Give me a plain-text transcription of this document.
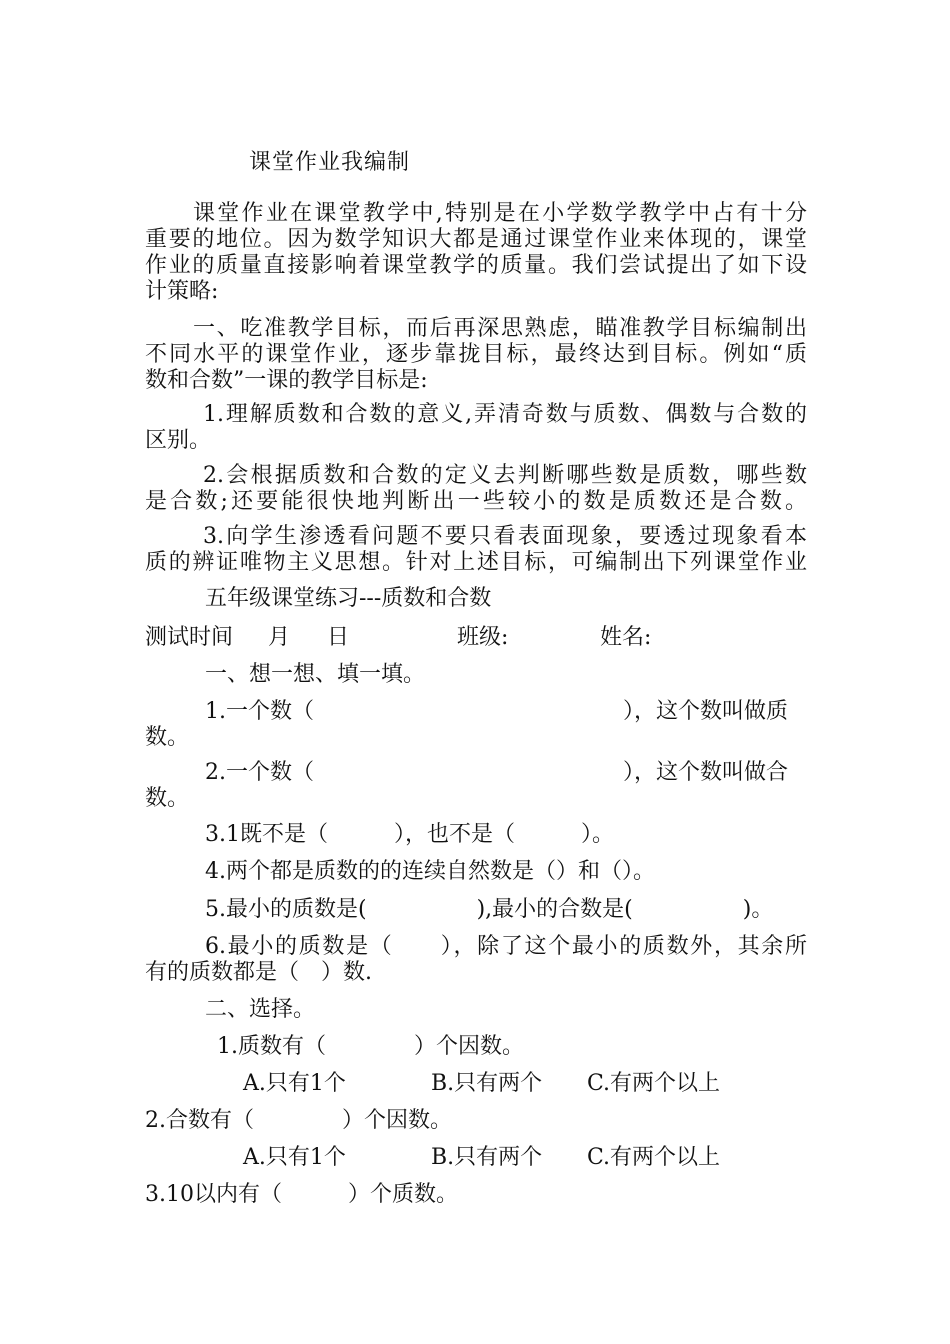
课堂作业我编制
课堂作业在课堂教学中,特别是在小学数学教学中占有十分
重要的地位。因为数学知识大都是通过课堂作业来体现的，课堂
作业的质量直接影响着课堂教学的质量。我们尝试提出了如下设
计策略:
一、吃准教学目标，而后再深思熟虑，瞄准教学目标编制出
不同水平的课堂作业，逐步靠拢目标，最终达到目标。例如“质
数和合数”一课的教学目标是:
1.理解质数和合数的意义,弄清奇数与质数、偶数与合数的
区别。
2.会根据质数和合数的定义去判断哪些数是质数，哪些数
是合数;还要能很快地判断出一些较小的数是质数还是合数。
3.向学生渗透看问题不要只看表面现象，要透过现象看本
质的辨证唯物主义思想。针对上述目标，可编制出下列课堂作业
五年级课堂练习---质数和合数
测试时间 月 日	班级:	姓名:
一、想一想、填一填。
1.一个数（	），这个数叫做质
数。
2.一个数（	），这个数叫做合
数。
3.1既不是（　　　），也不是（　　　）。
4.两个都是质数的的连续自然数是（）和（）。
5.最小的质数是(　　　　　),最小的合数是(　　　　　)。
6.最小的质数是（　　），除了这个最小的质数外，其余所
有的质数都是（　）数.
二、选择。
1.质数有（　　　　）个因数。
A.只有1个	B.只有两个 C.有两个以上
2.合数有（　　　　）个因数。
A.只有1个	B.只有两个 C.有两个以上
3.10以内有（　　　）个质数。
